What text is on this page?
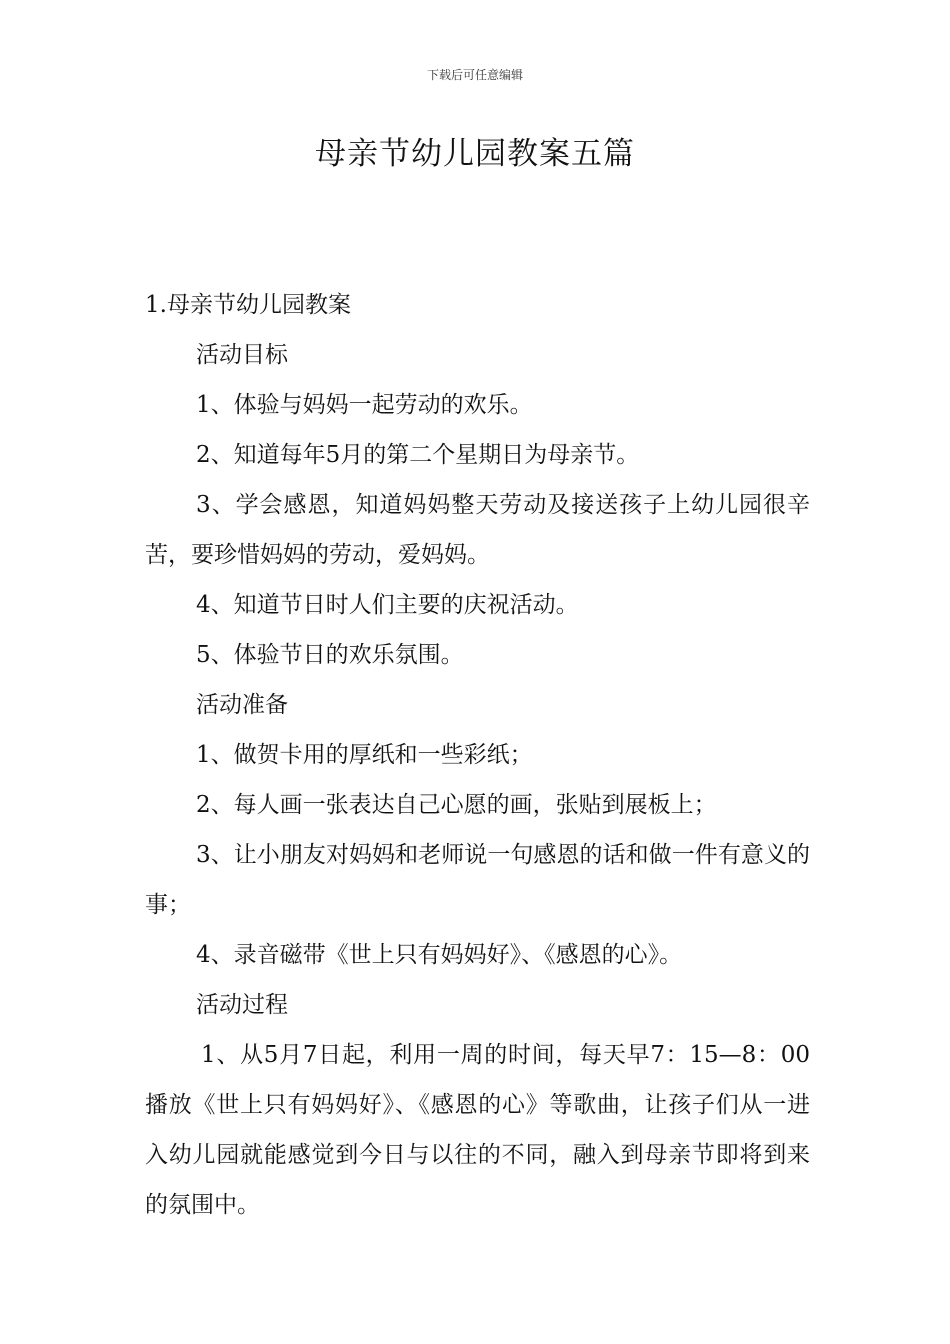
下载后可任意编辑
母亲节幼儿园教案五篇

1.母亲节幼儿园教案

活动目标

1、体验与妈妈一起劳动的欢乐。

2、知道每年5月的第二个星期日为母亲节。

3、学会感恩，知道妈妈整天劳动及接送孩子上幼儿园很辛苦，要珍惜妈妈的劳动，爱妈妈。

4、知道节日时人们主要的庆祝活动。

5、体验节日的欢乐氛围。

活动准备

1、做贺卡用的厚纸和一些彩纸；

2、每人画一张表达自己心愿的画，张贴到展板上；

3、让小朋友对妈妈和老师说一句感恩的话和做一件有意义的事；

4、录音磁带《世上只有妈妈好》、《感恩的心》。

活动过程

1、从5月7日起，利用一周的时间，每天早7：15—8：00播放《世上只有妈妈好》、《感恩的心》等歌曲，让孩子们从一进入幼儿园就能感觉到今日与以往的不同，融入到母亲节即将到来的氛围中。
